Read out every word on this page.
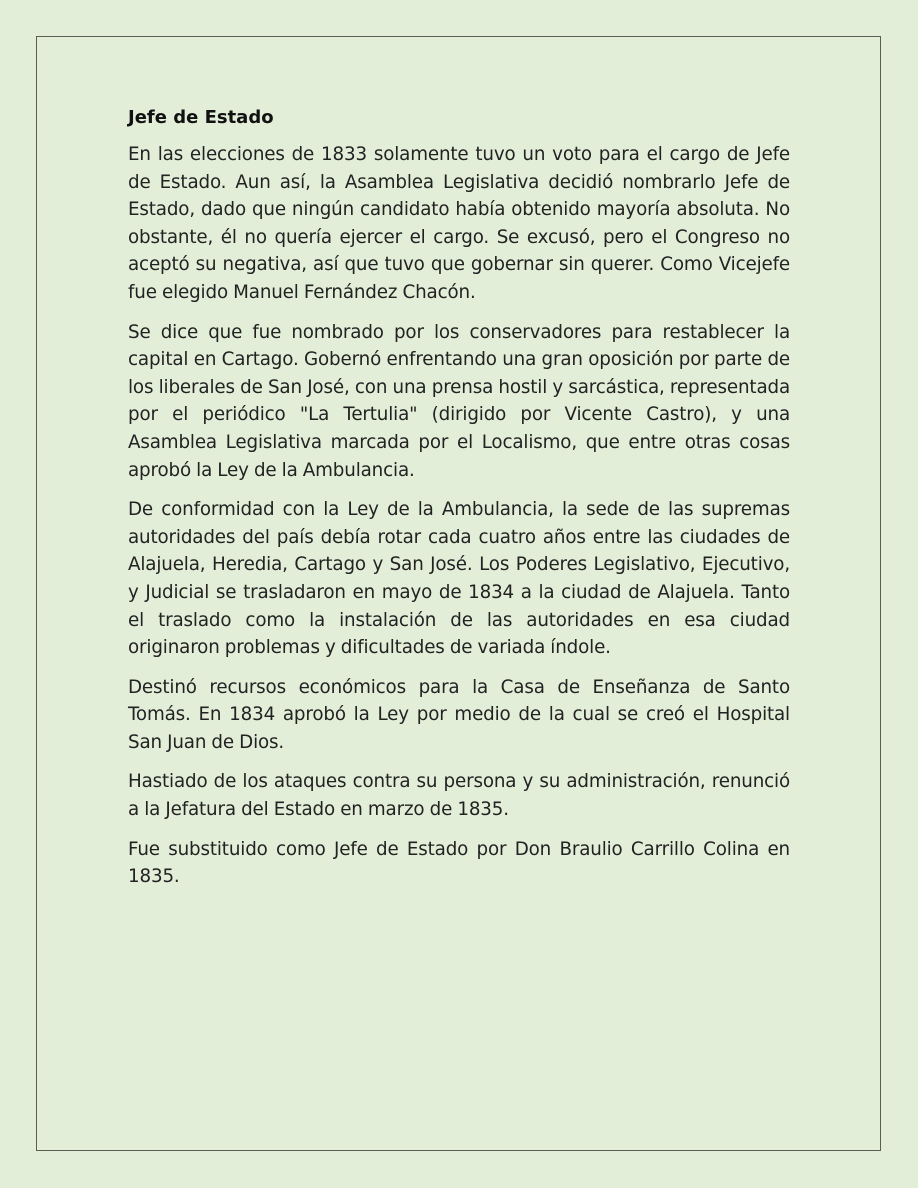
Jefe de Estado

En las elecciones de 1833 solamente tuvo un voto para el cargo de Jefe de Estado. Aun así, la Asamblea Legislativa decidió nombrarlo Jefe de Estado, dado que ningún candidato había obtenido mayoría absoluta. No obstante, él no quería ejercer el cargo. Se excusó, pero el Congreso no aceptó su negativa, así que tuvo que gobernar sin querer. Como Vicejefe fue elegido Manuel Fernández Chacón.

Se dice que fue nombrado por los conservadores para restablecer la capital en Cartago. Gobernó enfrentando una gran oposición por parte de los liberales de San José, con una prensa hostil y sarcástica, representada por el periódico "La Tertulia" (dirigido por Vicente Castro), y una Asamblea Legislativa marcada por el Localismo, que entre otras cosas aprobó la Ley de la Ambulancia.

De conformidad con la Ley de la Ambulancia, la sede de las supremas autoridades del país debía rotar cada cuatro años entre las ciudades de Alajuela, Heredia, Cartago y San José. Los Poderes Legislativo, Ejecutivo, y Judicial se trasladaron en mayo de 1834 a la ciudad de Alajuela. Tanto el traslado como la instalación de las autoridades en esa ciudad originaron problemas y dificultades de variada índole.

Destinó recursos económicos para la Casa de Enseñanza de Santo Tomás. En 1834 aprobó la Ley por medio de la cual se creó el Hospital San Juan de Dios.

Hastiado de los ataques contra su persona y su administración, renunció a la Jefatura del Estado en marzo de 1835.

Fue substituido como Jefe de Estado por Don Braulio Carrillo Colina en 1835.
